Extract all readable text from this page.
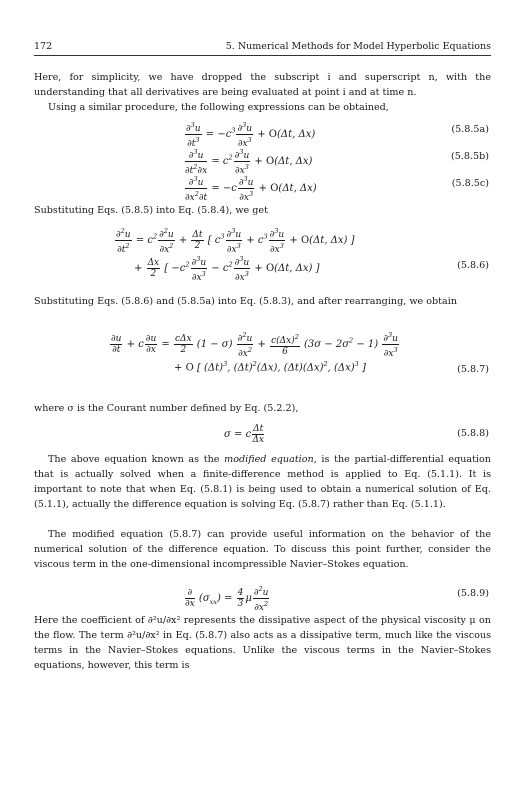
172	5. Numerical Methods for Model Hyperbolic Equations
Here, for simplicity, we have dropped the subscript i and superscript n, with the understanding that all derivatives are being evaluated at point i and at time n.
Using a similar procedure, the following expressions can be obtained,
$\frac{\partial^3u}{\partial t^3} = -c^3 \frac{\partial^3u}{\partial x^3} + O(\Delta t$, Δx)	(5.8.5a)
$\frac{\partial^3u}{\partial t^2\partial x} = c^2 \frac{\partial^3u}{\partial x^3} + O(\Delta t$, Δx)	(5.8.5b)
$\frac{\partial^3u}{\partial x^2\partial t} = -c \frac{\partial^3u}{\partial x^3} + O(\Delta t$, Δx)	(5.8.5c)
Substituting Eqs. (5.8.5) into Eq. (5.8.4), we get
$\frac{\partial^2u}{\partial t^2} = c^2 \frac{\partial^2u}{\partial x^2} + \frac{\Delta t}{2}$ [ $c^3 \frac{\partial^3u}{\partial x^3} + c^3 \frac{\partial^3u}{\partial x^3} + O(\Delta t$, Δx) ]
+ $\frac{\Delta x}{2}$ [ $-c^2 \frac{\partial^3u}{\partial x^3} - c^2 \frac{\partial^3u}{\partial x^3} + O(\Delta t$, Δx) ]	(5.8.6)
Substituting Eqs. (5.8.6) and (5.8.5a) into Eq. (5.8.3), and after rearranging, we obtain
$\frac{\partial u}{\partial t} + c \frac{\partial u}{\partial x} = \frac{\text{cΔx}}{2} (1 - \sigma) \frac{\partial^2u}{\partial x^2} + \frac{c(\Delta x)^2}{6} (3\sigma - 2\sigma^2 - 1) \frac{\partial^3u}{\partial x^3}$
+ O [ $(\Delta t)^3$, $(\Delta t)^2(\Delta x)$, $(\Delta t)(\Delta x)^2$, $(\Delta x)^3$ ]	(5.8.7)
where σ is the Courant number defined by Eq. (5.2.2),
σ = c $\frac{\Delta t}{\Delta x}$	(5.8.8)
The above equation known as the modified equation, is the partial-differential equation that is actually solved when a finite-difference method is applied to Eq. (5.1.1). It is important to note that when Eq. (5.8.1) is being used to obtain a numerical solution of Eq. (5.1.1), actually the difference equation is solving Eq. (5.8.7) rather than Eq. (5.1.1).
The modified equation (5.8.7) can provide useful information on the behavior of the numerical solution of the difference equation. To discuss this point further, consider the viscous term in the one-dimensional incompressible Navier–Stokes equation.
$\frac{\partial}{\partial x} (\sigma_{xx}) = \frac{4}{3}$ μ $\frac{\partial^2u}{\partial x^2}$	(5.8.9)
Here the coefficient of ∂²u/∂x² represents the dissipative aspect of the physical viscosity μ on the flow. The term ∂²u/∂x² in Eq. (5.8.7) also acts as a dissipative term, much like the viscous terms in the Navier–Stokes equations. Unlike the viscous terms in the Navier–Stokes equations, however, this term is
